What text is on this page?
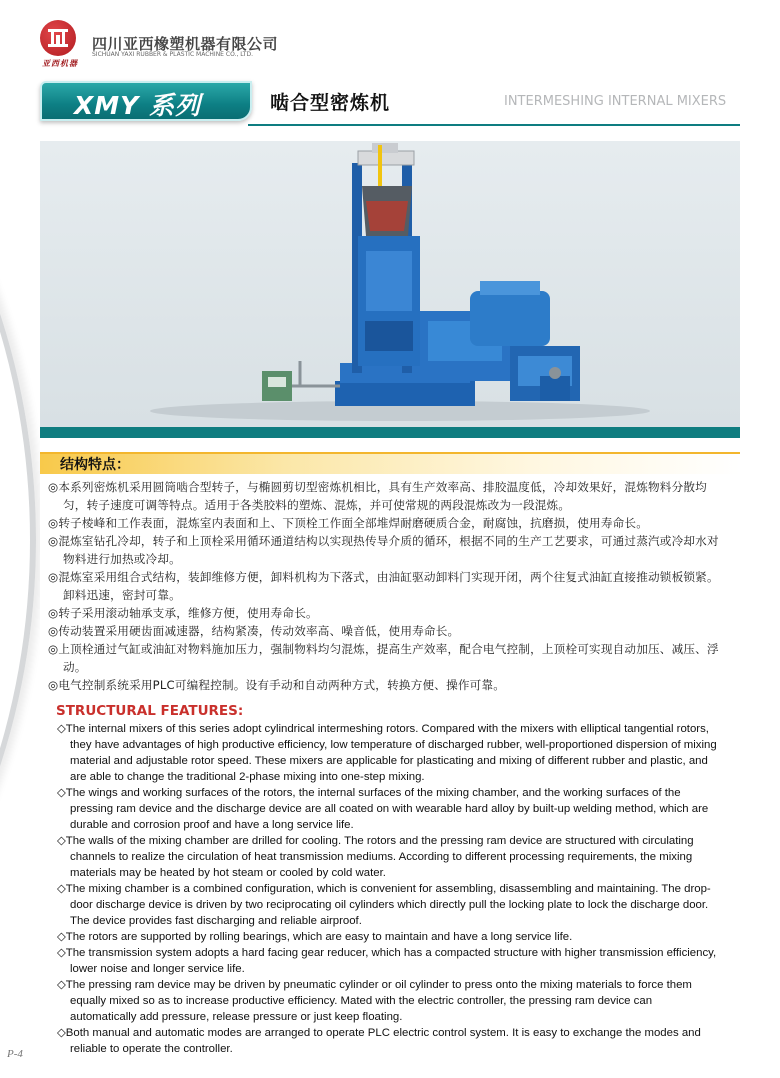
亚西机器
四川亚西橡塑机器有限公司
SICHUAN YAXI RUBBER & PLASTIC MACHINE CO., LTD.
XMY 系列	啮合型密炼机	INTERMESHING INTERNAL MIXERS
结构特点：
◎本系列密炼机采用圆筒啮合型转子，与椭圆剪切型密炼机相比，具有生产效率高、排胶温度低，冷却效果好，混炼物料分散均匀，转子速度可调等特点。适用于各类胶料的塑炼、混炼，并可使常规的两段混炼改为一段混炼。
◎转子棱峰和工作表面，混炼室内表面和上、下顶栓工作面全部堆焊耐磨硬质合金，耐腐蚀，抗磨损，使用寿命长。
◎混炼室钻孔冷却，转子和上顶栓采用循环通道结构以实现热传导介质的循环，根据不同的生产工艺要求，可通过蒸汽或冷却水对物料进行加热或冷却。
◎混炼室采用组合式结构，装卸维修方便，卸料机构为下落式，由油缸驱动卸料门实现开闭，两个往复式油缸直接推动锁板锁紧。卸料迅速，密封可靠。
◎转子采用滚动轴承支承，维修方便，使用寿命长。
◎传动装置采用硬齿面减速器，结构紧凑，传动效率高、噪音低，使用寿命长。
◎上顶栓通过气缸或油缸对物料施加压力，强制物料均匀混炼，提高生产效率，配合电气控制，上顶栓可实现自动加压、减压、浮动。
◎电气控制系统采用PLC可编程控制。设有手动和自动两种方式，转换方便、操作可靠。
STRUCTURAL FEATURES:
◇The internal mixers of this series adopt cylindrical intermeshing rotors. Compared with the mixers with elliptical tangential rotors, they have advantages of high productive efficiency, low temperature of discharged rubber, well-proportioned dispersion of mixing material and adjustable rotor speed. These mixers are applicable for plasticating and mixing of different rubber and plastic, and are able to change the traditional 2-phase mixing into one-step mixing.
◇The wings and working surfaces of the rotors, the internal surfaces of the mixing chamber, and the working surfaces of the pressing ram device and the discharge device are all coated on with wearable hard alloy by built-up welding method, which are durable and corrosion proof and have a long service life.
◇The walls of the mixing chamber are drilled for cooling. The rotors and the pressing ram device are structured with circulating channels to realize the circulation of heat transmission mediums. According to different processing requirements, the mixing materials may be heated by hot steam or cooled by cold water.
◇The mixing chamber is a combined configuration, which is convenient for assembling, disassembling and maintaining. The drop-door discharge device is driven by two reciprocating oil cylinders which directly pull the locking plate to lock the discharge door. The device provides fast discharging and reliable airproof.
◇The rotors are supported by rolling bearings, which are easy to maintain and have a long service life.
◇The transmission system adopts a hard facing gear reducer, which has a compacted structure with higher transmission efficiency, lower noise and longer service life.
◇The pressing ram device may be driven by pneumatic cylinder or oil cylinder to press onto the mixing materials to force them equally mixed so as to increase productive efficiency. Mated with the electric controller, the pressing ram device can automatically add pressure, release pressure or just keep floating.
◇Both manual and automatic modes are arranged to operate PLC electric control system. It is easy to exchange the modes and reliable to operate the controller.
P-4
